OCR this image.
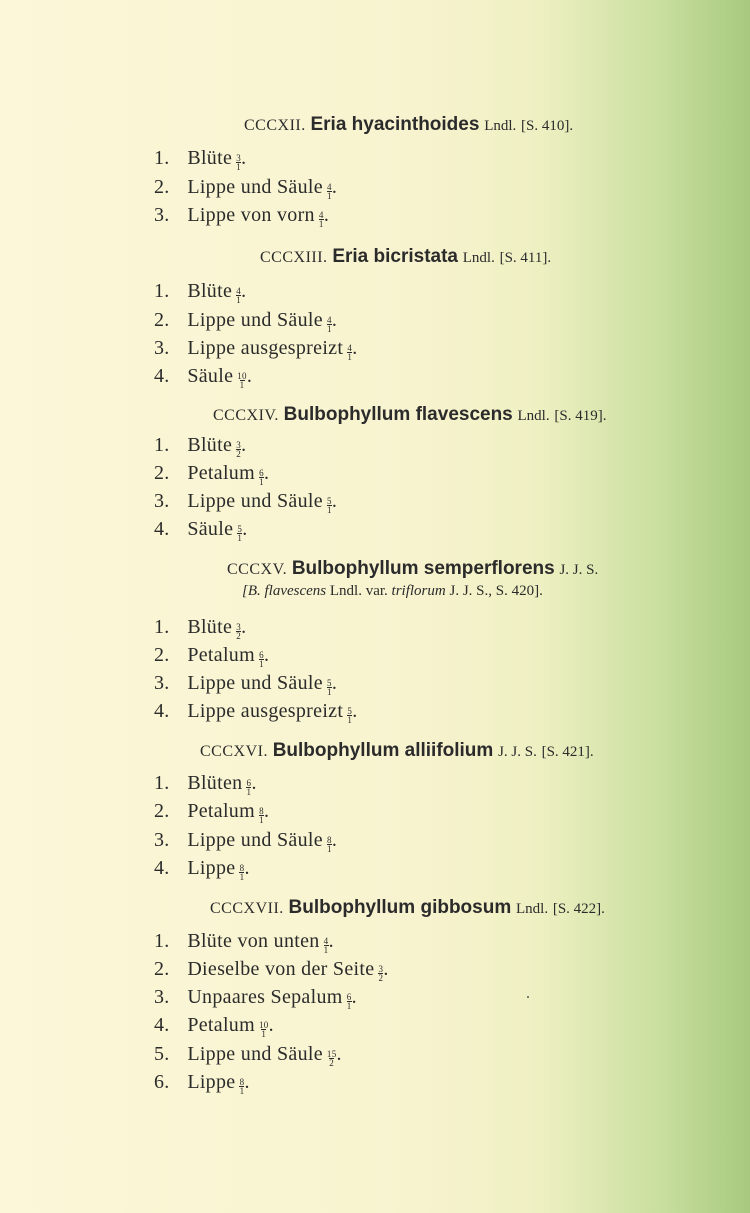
CCCXII. Eria hyacinthoides Lndl. [S. 410].
1. Blüte $\frac{3}{1}$ .
2. Lippe und Säule $\frac{4}{1}$ .
3. Lippe von vorn $\frac{4}{1}$ .
CCCXIII. Eria bicristata Lndl. [S. 411].
1. Blüte $\frac{4}{1}$ .
2. Lippe und Säule $\frac{4}{1}$ .
3. Lippe ausgespreizt $\frac{4}{1}$ .
4. Säule $\frac{10}{1}$ .
CCCXIV. Bulbophyllum flavescens Lndl. [S. 419].
1. Blüte $\frac{3}{2}$ .
2. Petalum $\frac{6}{1}$ .
3. Lippe und Säule $\frac{5}{1}$ .
4. Säule $\frac{5}{1}$ .
CCCXV. Bulbophyllum semperflorens J. J. S.
[B. flavescens Lndl. var. triflorum J. J. S., S. 420].
1. Blüte $\frac{3}{2}$ .
2. Petalum $\frac{6}{1}$ .
3. Lippe und Säule $\frac{5}{1}$ .
4. Lippe ausgespreizt $\frac{5}{1}$ .
CCCXVI. Bulbophyllum alliifolium J. J. S. [S. 421].
1. Blüten $\frac{6}{1}$ .
2. Petalum $\frac{8}{1}$ .
3. Lippe und Säule $\frac{8}{1}$ .
4. Lippe $\frac{8}{1}$ .
CCCXVII. Bulbophyllum gibbosum Lndl. [S. 422].
1. Blüte von unten $\frac{4}{1}$ .
2. Dieselbe von der Seite $\frac{3}{2}$ .
3. Unpaares Sepalum $\frac{6}{1}$ .
4. Petalum $\frac{10}{1}$ .
5. Lippe und Säule $\frac{15}{2}$ .
6. Lippe $\frac{8}{1}$ .
